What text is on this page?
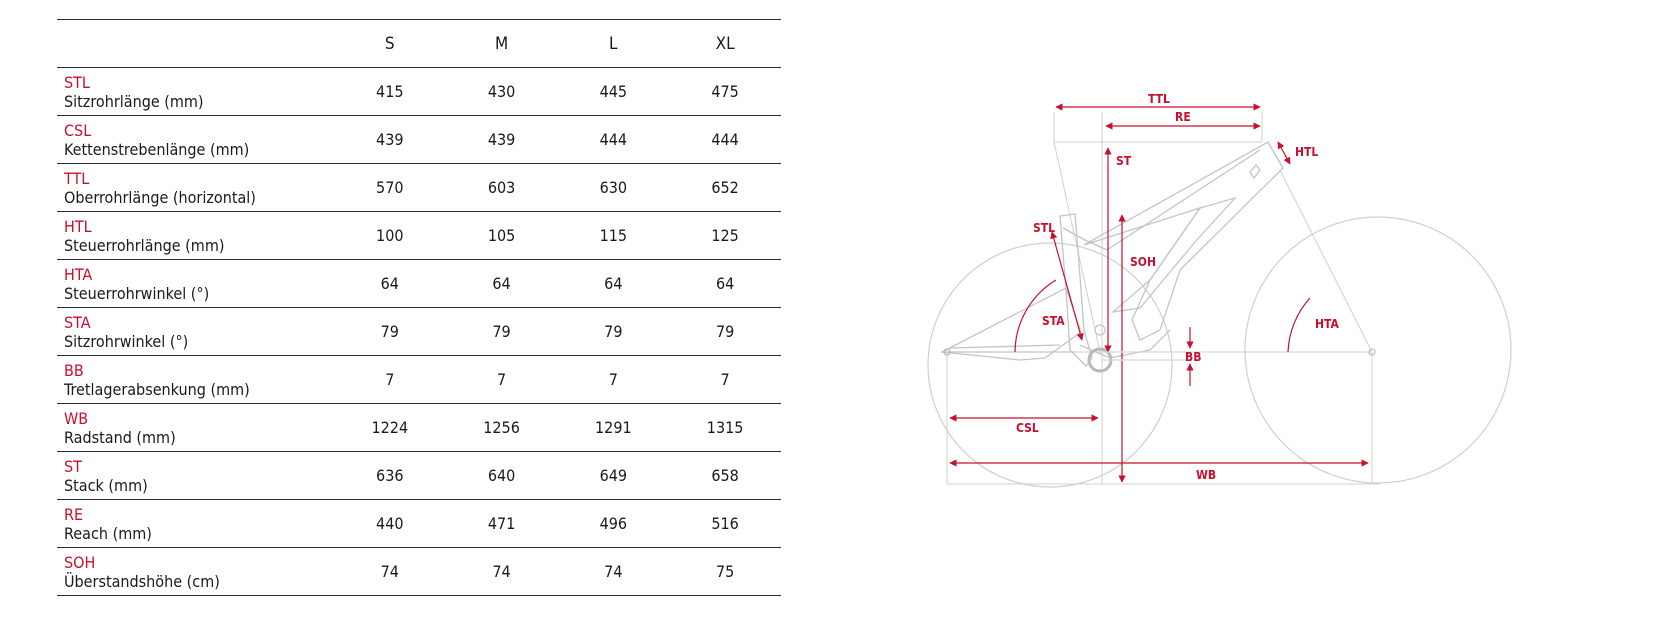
	S	M	L	XL

STL
Sitzrohrlänge (mm)	415	430	445	475

CSL
Kettenstrebenlänge (mm)	439	439	444	444

TTL
Oberrohrlänge (horizontal)	570	603	630	652

HTL
Steuerrohrlänge (mm)	100	105	115	125

HTA
Steuerrohrwinkel (°)	64	64	64	64

STA
Sitzrohrwinkel (°)	79	79	79	79

BB
Tretlagerabsenkung (mm)	7	7	7	7

WB
Radstand (mm)	1224	1256	1291	1315

ST
Stack (mm)	636	640	649	658

RE
Reach (mm)	440	471	496	516

SOH
Überstandshöhe (cm)	74	74	74	75
TTL
RE
HTL
ST
STL
SOH
STA	HTA
BB
CSL
WB
